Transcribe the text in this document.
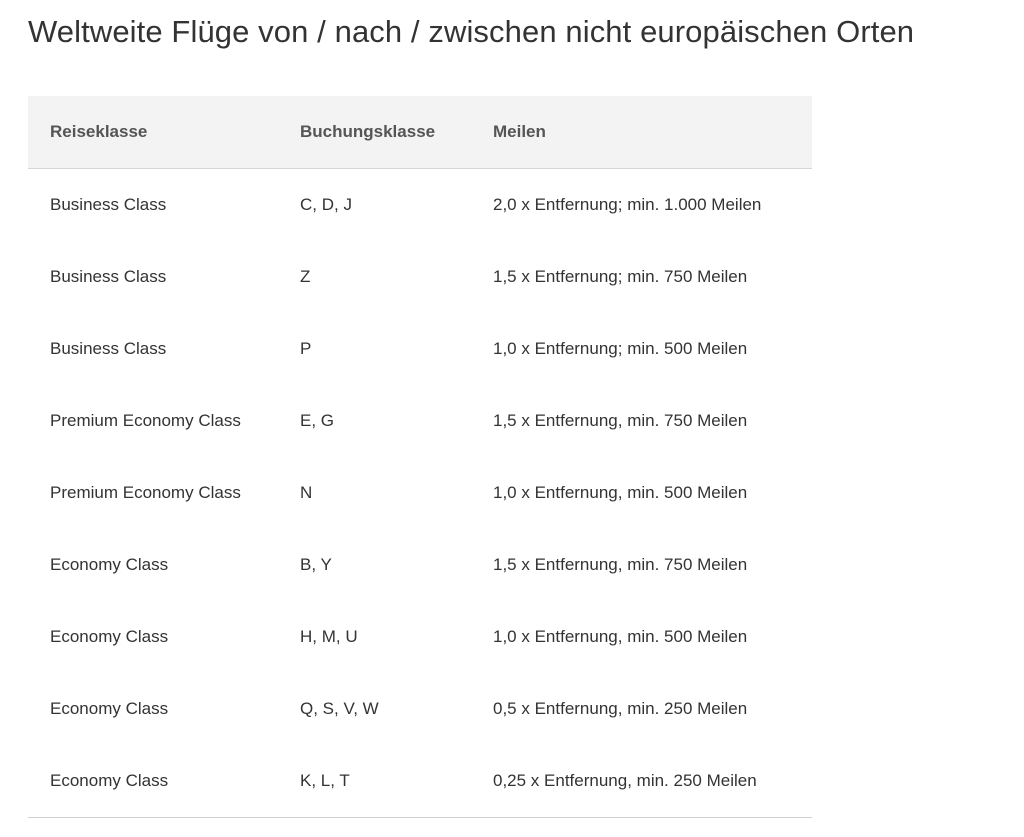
Weltweite Flüge von / nach / zwischen nicht europäischen Orten
Reiseklasse	Buchungsklasse	Meilen
Business Class	C, D, J	2,0 x Entfernung; min. 1.000 Meilen
Business Class	Z	1,5 x Entfernung; min. 750 Meilen
Business Class	P	1,0 x Entfernung; min. 500 Meilen
Premium Economy Class	E, G	1,5 x Entfernung, min. 750 Meilen
Premium Economy Class	N	1,0 x Entfernung, min. 500 Meilen
Economy Class	B, Y	1,5 x Entfernung, min. 750 Meilen
Economy Class	H, M, U	1,0 x Entfernung, min. 500 Meilen
Economy Class	Q, S, V, W	0,5 x Entfernung, min. 250 Meilen
Economy Class	K, L, T	0,25 x Entfernung, min. 250 Meilen
